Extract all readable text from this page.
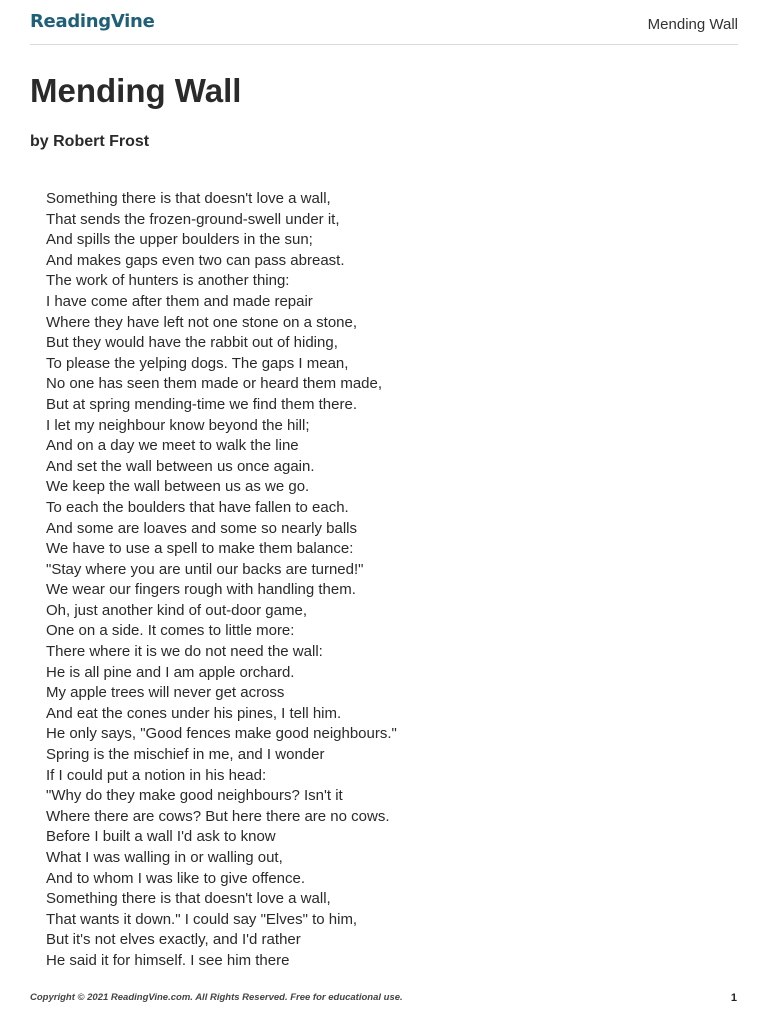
ReadingVine	Mending Wall
Mending Wall
by Robert Frost
Something there is that doesn't love a wall,
That sends the frozen-ground-swell under it,
And spills the upper boulders in the sun;
And makes gaps even two can pass abreast.
The work of hunters is another thing:
I have come after them and made repair
Where they have left not one stone on a stone,
But they would have the rabbit out of hiding,
To please the yelping dogs. The gaps I mean,
No one has seen them made or heard them made,
But at spring mending-time we find them there.
I let my neighbour know beyond the hill;
And on a day we meet to walk the line
And set the wall between us once again.
We keep the wall between us as we go.
To each the boulders that have fallen to each.
And some are loaves and some so nearly balls
We have to use a spell to make them balance:
"Stay where you are until our backs are turned!"
We wear our fingers rough with handling them.
Oh, just another kind of out-door game,
One on a side. It comes to little more:
There where it is we do not need the wall:
He is all pine and I am apple orchard.
My apple trees will never get across
And eat the cones under his pines, I tell him.
He only says, "Good fences make good neighbours."
Spring is the mischief in me, and I wonder
If I could put a notion in his head:
"Why do they make good neighbours? Isn't it
Where there are cows? But here there are no cows.
Before I built a wall I'd ask to know
What I was walling in or walling out,
And to whom I was like to give offence.
Something there is that doesn't love a wall,
That wants it down." I could say "Elves" to him,
But it's not elves exactly, and I'd rather
He said it for himself. I see him there
Copyright © 2021 ReadingVine.com. All Rights Reserved. Free for educational use.	1
